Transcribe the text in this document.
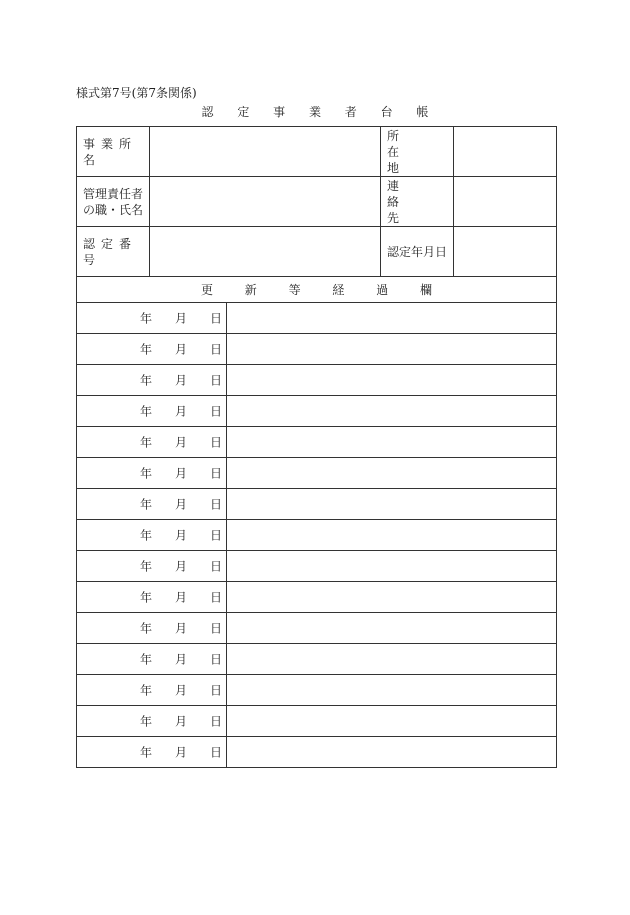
様式第7号(第7条関係)
認 定 事 業 者 台 帳
事業所名			所 在 地	

管理責任者
の職・氏名			連 絡 先	
認定番号			認定年月日	
更 新 等 経 過 欄				

年 月 日				

年 月 日				

年 月 日				

年 月 日				

年 月 日				

年 月 日				

年 月 日				

年 月 日				

年 月 日				

年 月 日				

年 月 日				

年 月 日				

年 月 日				

年 月 日				

年 月 日				
